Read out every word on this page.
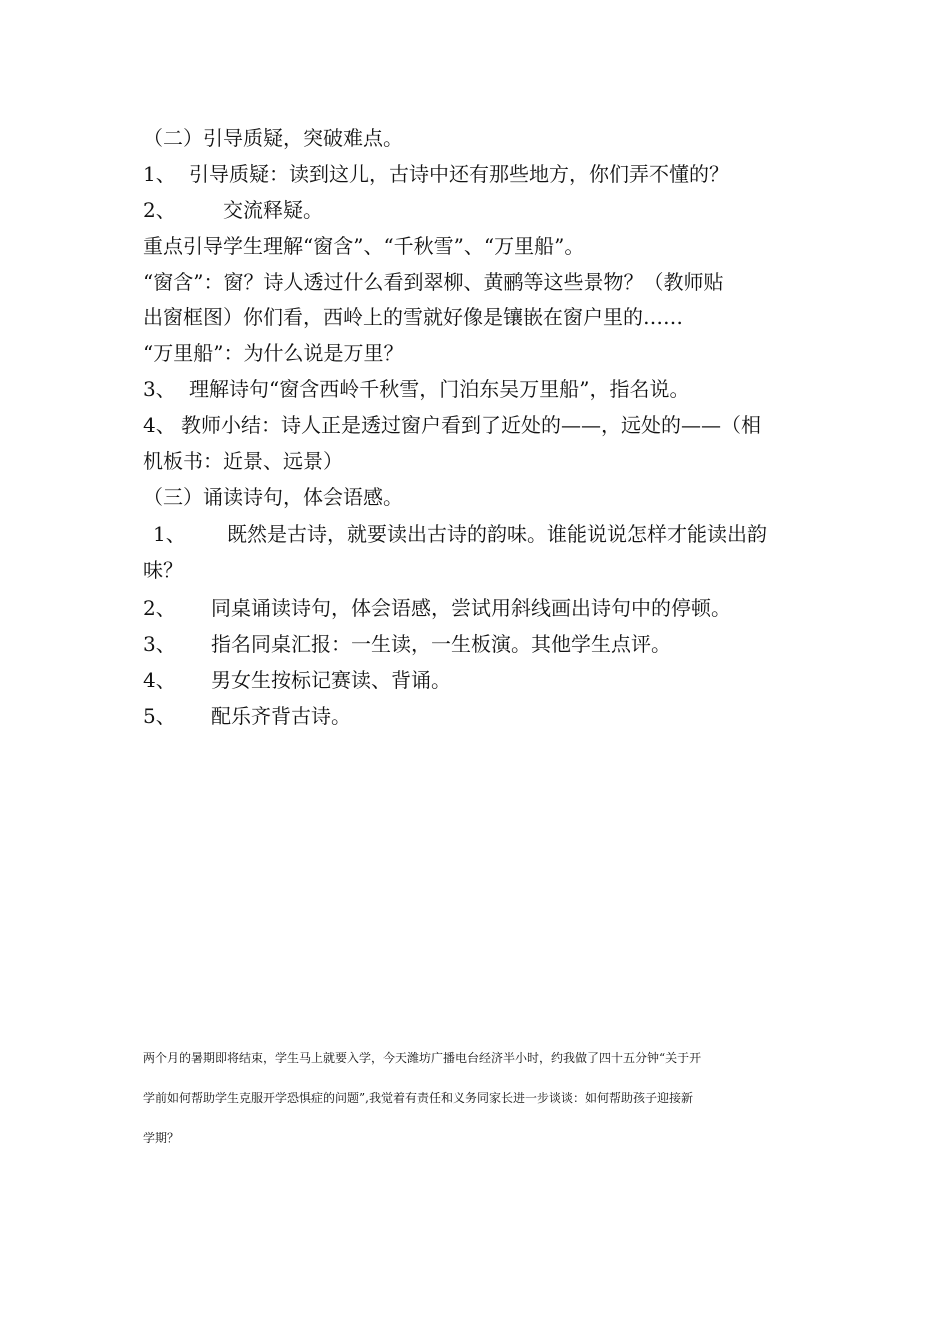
（二）引导质疑，突破难点。
1、 引导质疑：读到这儿，古诗中还有那些地方，你们弄不懂的？
2、 交流释疑。
重点引导学生理解“窗含”、“千秋雪”、“万里船”。
“窗含”：窗？诗人透过什么看到翠柳、黄鹂等这些景物？（教师贴
出窗框图）你们看，西岭上的雪就好像是镶嵌在窗户里的……
“万里船”：为什么说是万里？
3、 理解诗句“窗含西岭千秋雪，门泊东吴万里船”，指名说。
4、 教师小结：诗人正是透过窗户看到了近处的——，远处的——（相
机板书：近景、远景）
（三）诵读诗句，体会语感。
1、 既然是古诗，就要读出古诗的韵味。谁能说说怎样才能读出韵
味？
2、 同桌诵读诗句，体会语感，尝试用斜线画出诗句中的停顿。
3、 指名同桌汇报：一生读，一生板演。其他学生点评。
4、 男女生按标记赛读、背诵。
5、 配乐齐背古诗。
两个月的暑期即将结束，学生马上就要入学，今天潍坊广播电台经济半小时，约我做了四十五分钟“关于开
学前如何帮助学生克服开学恐惧症的问题”,我觉着有责任和义务同家长进一步谈谈：如何帮助孩子迎接新
学期？
